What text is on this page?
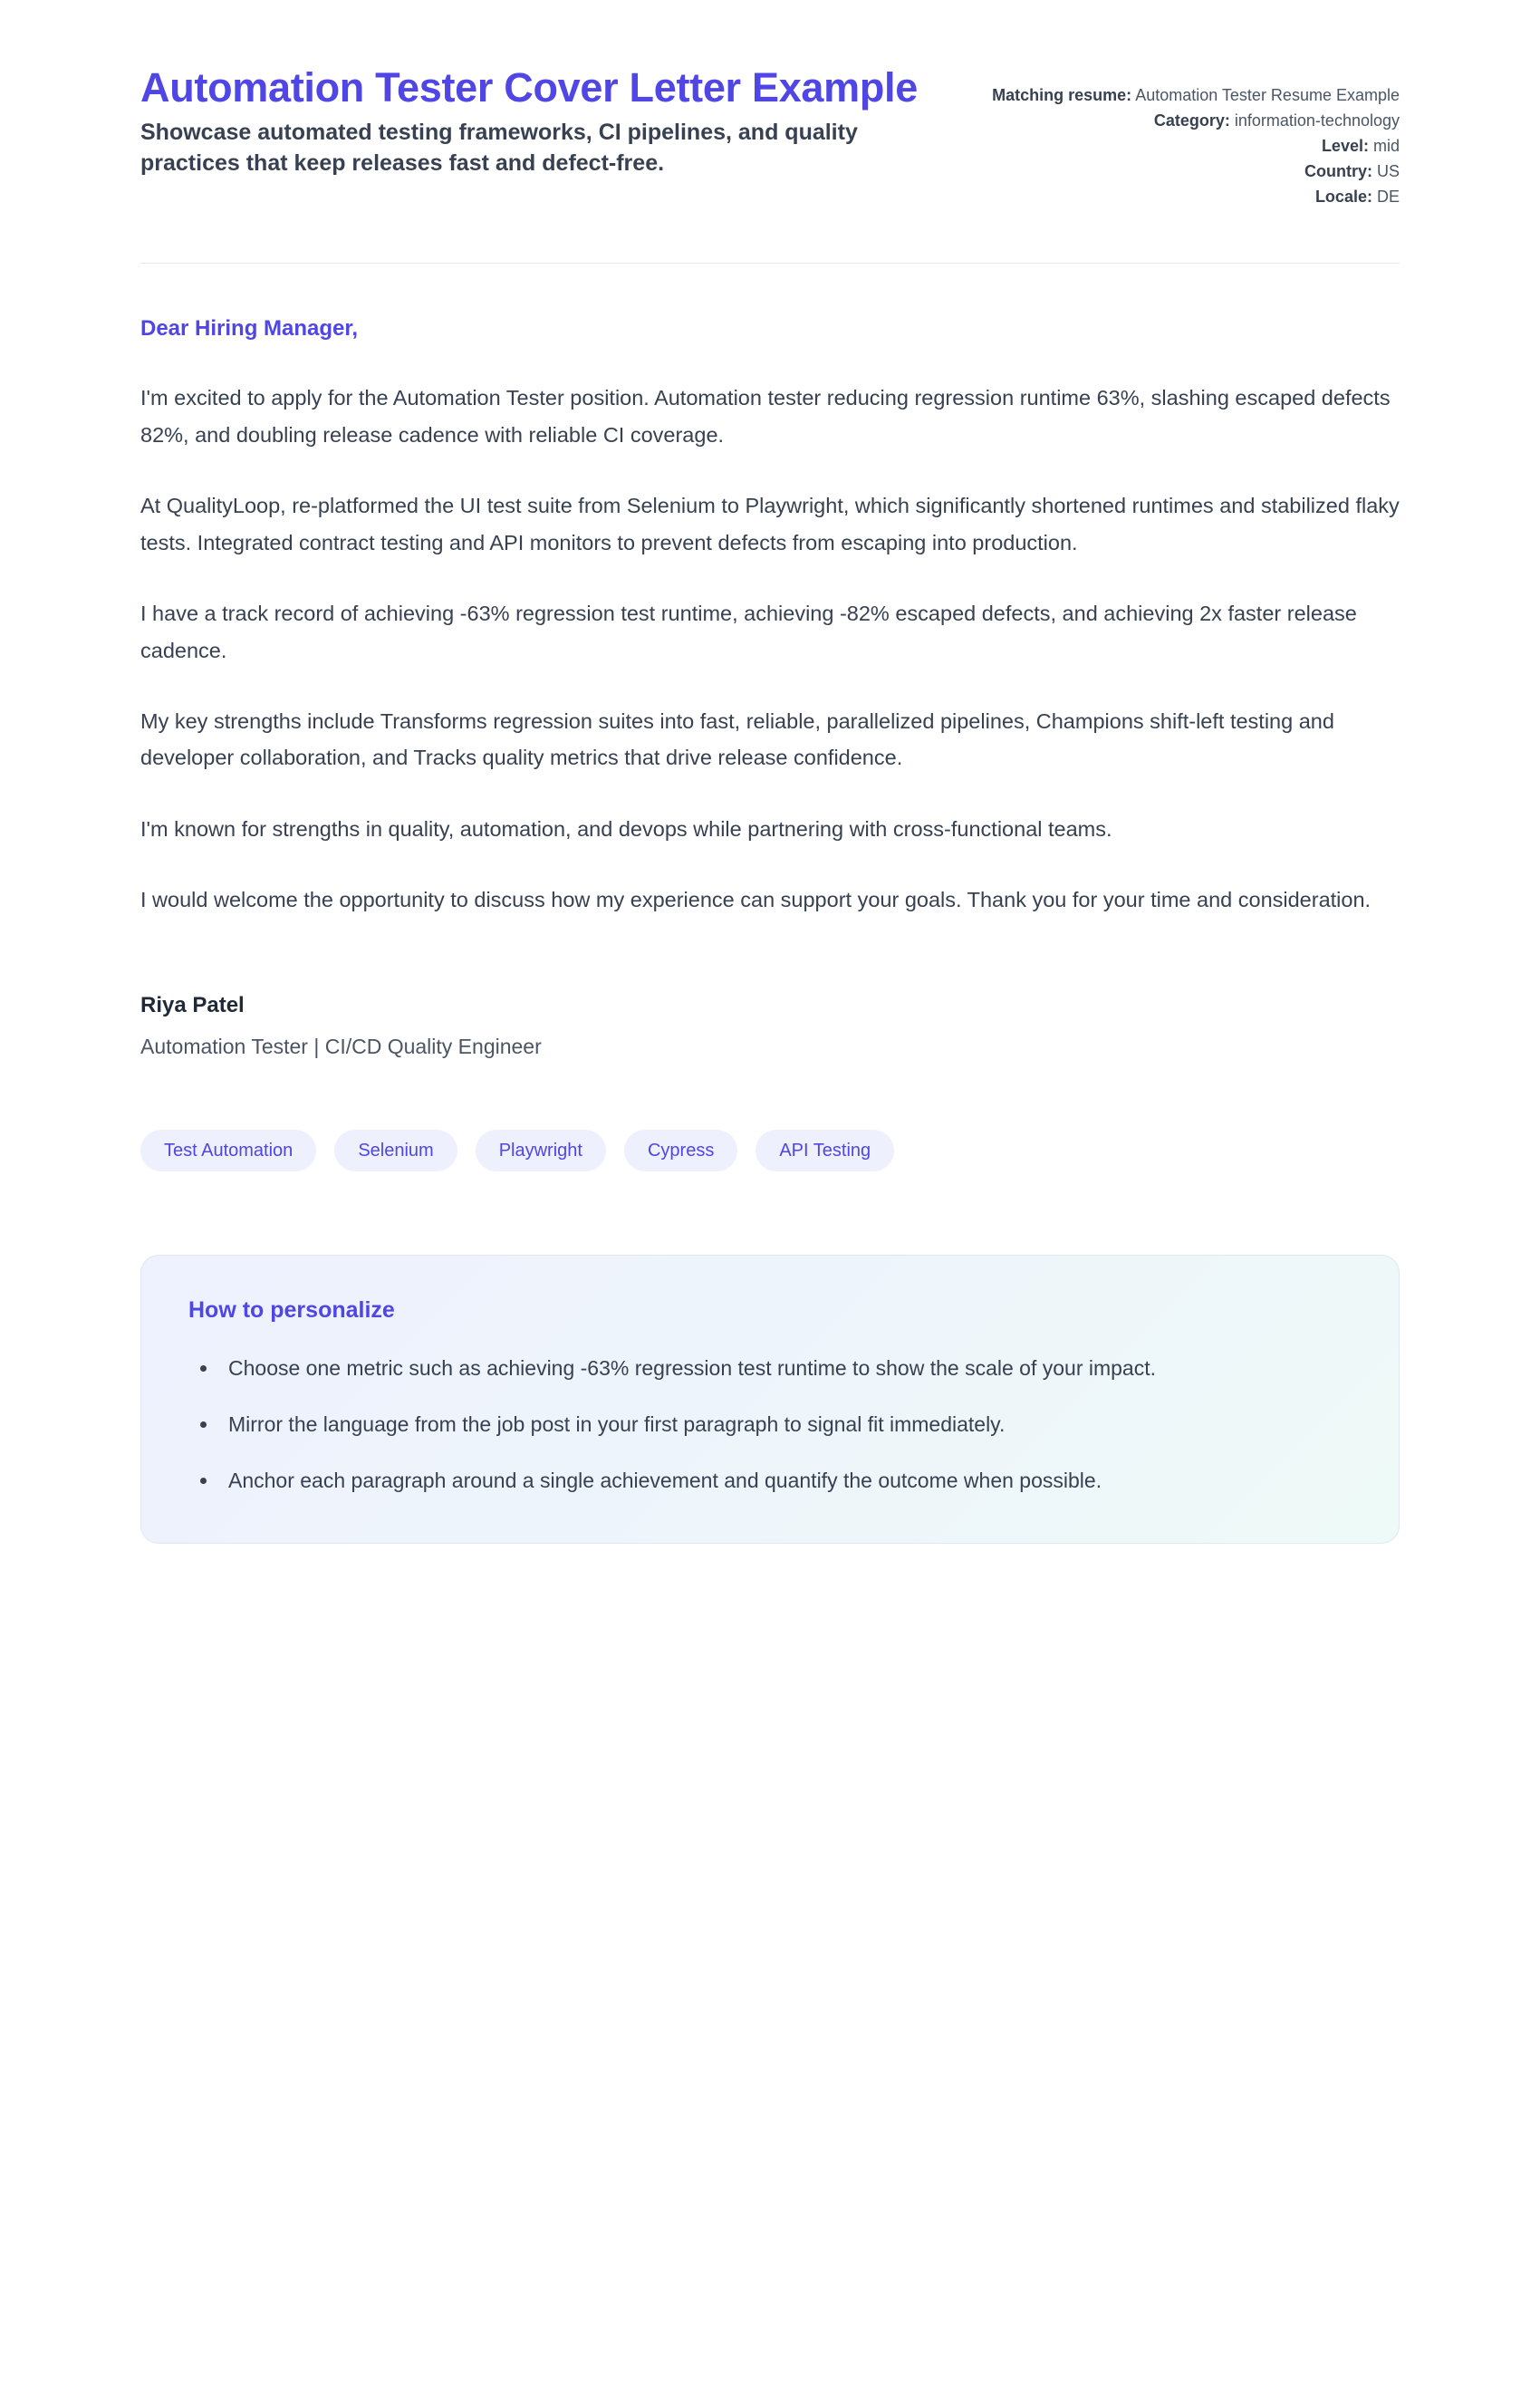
Automation Tester Cover Letter Example

Showcase automated testing frameworks, CI pipelines, and quality practices that keep releases fast and defect-free.

Matching resume: Automation Tester Resume Example
Category: information-technology
Level: mid
Country: US
Locale: DE

Dear Hiring Manager,

I'm excited to apply for the Automation Tester position. Automation tester reducing regression runtime 63%, slashing escaped defects 82%, and doubling release cadence with reliable CI coverage.

At QualityLoop, re-platformed the UI test suite from Selenium to Playwright, which significantly shortened runtimes and stabilized flaky tests. Integrated contract testing and API monitors to prevent defects from escaping into production.

I have a track record of achieving -63% regression test runtime, achieving -82% escaped defects, and achieving 2x faster release cadence.

My key strengths include Transforms regression suites into fast, reliable, parallelized pipelines, Champions shift-left testing and developer collaboration, and Tracks quality metrics that drive release confidence.

I'm known for strengths in quality, automation, and devops while partnering with cross-functional teams.

I would welcome the opportunity to discuss how my experience can support your goals. Thank you for your time and consideration.

Riya Patel

Automation Tester | CI/CD Quality Engineer

Test Automation	Selenium	Playwright	Cypress	API Testing
How to personalize
• Choose one metric such as achieving -63% regression test runtime to show the scale of your impact.
• Mirror the language from the job post in your first paragraph to signal fit immediately.
• Anchor each paragraph around a single achievement and quantify the outcome when possible.
